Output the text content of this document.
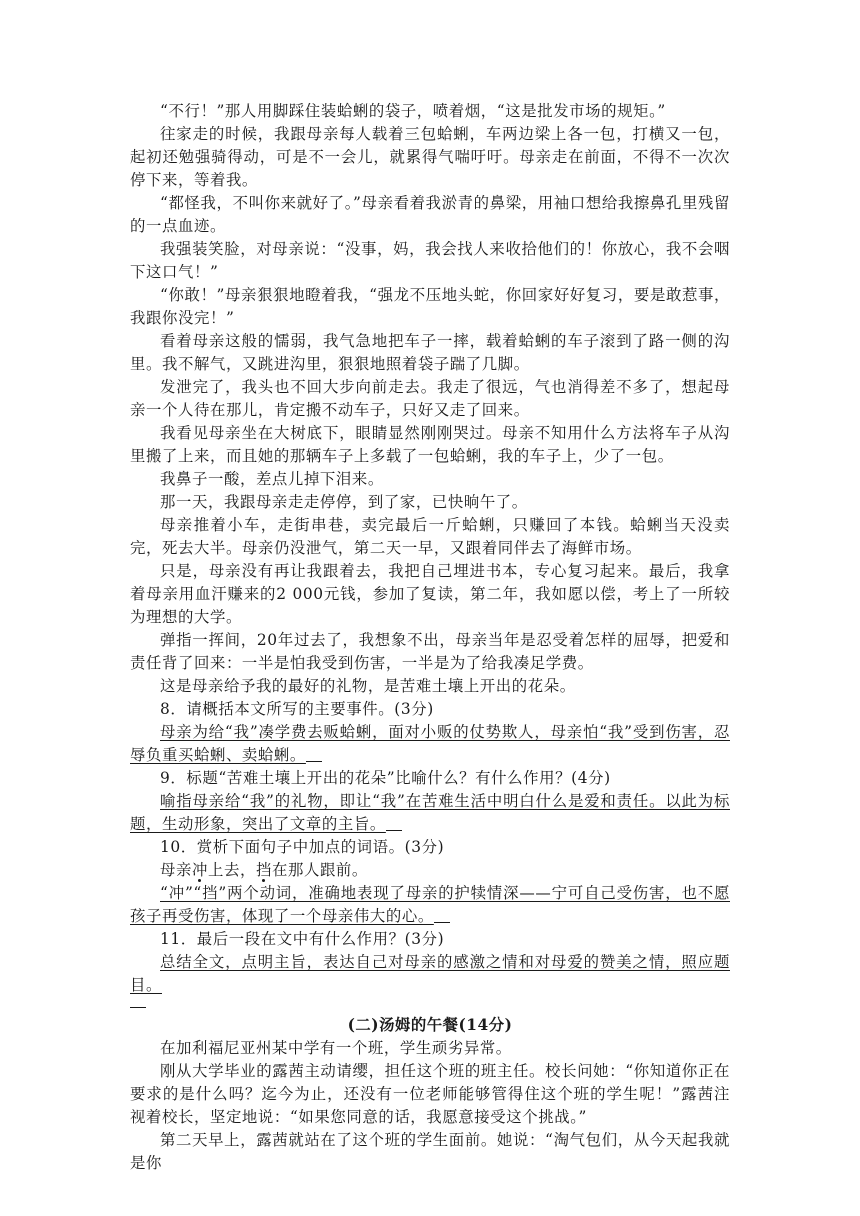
“不行！”那人用脚踩住装蛤蜊的袋子，喷着烟，“这是批发市场的规矩。”

往家走的时候，我跟母亲每人载着三包蛤蜊，车两边梁上各一包，打横又一包，起初还勉强骑得动，可是不一会儿，就累得气喘吁吁。母亲走在前面，不得不一次次停下来，等着我。

“都怪我，不叫你来就好了。”母亲看着我淤青的鼻梁，用袖口想给我擦鼻孔里残留的一点血迹。

我强装笑脸，对母亲说：“没事，妈，我会找人来收拾他们的！你放心，我不会咽下这口气！”

“你敢！”母亲狠狠地瞪着我，“强龙不压地头蛇，你回家好好复习，要是敢惹事，我跟你没完！”

看着母亲这般的懦弱，我气急地把车子一摔，载着蛤蜊的车子滚到了路一侧的沟里。我不解气，又跳进沟里，狠狠地照着袋子踹了几脚。

发泄完了，我头也不回大步向前走去。我走了很远，气也消得差不多了，想起母亲一个人待在那儿，肯定搬不动车子，只好又走了回来。

我看见母亲坐在大树底下，眼睛显然刚刚哭过。母亲不知用什么方法将车子从沟里搬了上来，而且她的那辆车子上多载了一包蛤蜊，我的车子上，少了一包。

我鼻子一酸，差点儿掉下泪来。

那一天，我跟母亲走走停停，到了家，已快晌午了。

母亲推着小车，走街串巷，卖完最后一斤蛤蜊，只赚回了本钱。蛤蜊当天没卖完，死去大半。母亲仍没泄气，第二天一早，又跟着同伴去了海鲜市场。

只是，母亲没有再让我跟着去，我把自己埋进书本，专心复习起来。最后，我拿着母亲用血汗赚来的2 000元钱，参加了复读，第二年，我如愿以偿，考上了一所较为理想的大学。

弹指一挥间，20年过去了，我想象不出，母亲当年是忍受着怎样的屈辱，把爱和责任背了回来：一半是怕我受到伤害，一半是为了给我凑足学费。

这是母亲给予我的最好的礼物，是苦难土壤上开出的花朵。

8．请概括本文所写的主要事件。(3分)

母亲为给“我”凑学费去贩蛤蜊，面对小贩的仗势欺人，母亲怕“我”受到伤害，忍辱负重买蛤蜊、卖蛤蜊。

9．标题“苦难土壤上开出的花朵”比喻什么？有什么作用？(4分)

喻指母亲给“我”的礼物，即让“我”在苦难生活中明白什么是爱和责任。以此为标题，生动形象，突出了文章的主旨。

10．赏析下面句子中加点的词语。(3分)

母亲冲上去，挡在那人跟前。

“冲”“挡”两个动词，准确地表现了母亲的护犊情深——宁可自己受伤害，也不愿孩子再受伤害，体现了一个母亲伟大的心。

11．最后一段在文中有什么作用？(3分)

总结全文，点明主旨，表达自己对母亲的感激之情和对母爱的赞美之情，照应题目。

(二)汤姆的午餐(14分)

在加利福尼亚州某中学有一个班，学生顽劣异常。

刚从大学毕业的露茜主动请缨，担任这个班的班主任。校长问她：“你知道你正在要求的是什么吗？迄今为止，还没有一位老师能够管得住这个班的学生呢！”露茜注视着校长，坚定地说：“如果您同意的话，我愿意接受这个挑战。”

第二天早上，露茜就站在了这个班的学生面前。她说：“淘气包们，从今天起我就是你
